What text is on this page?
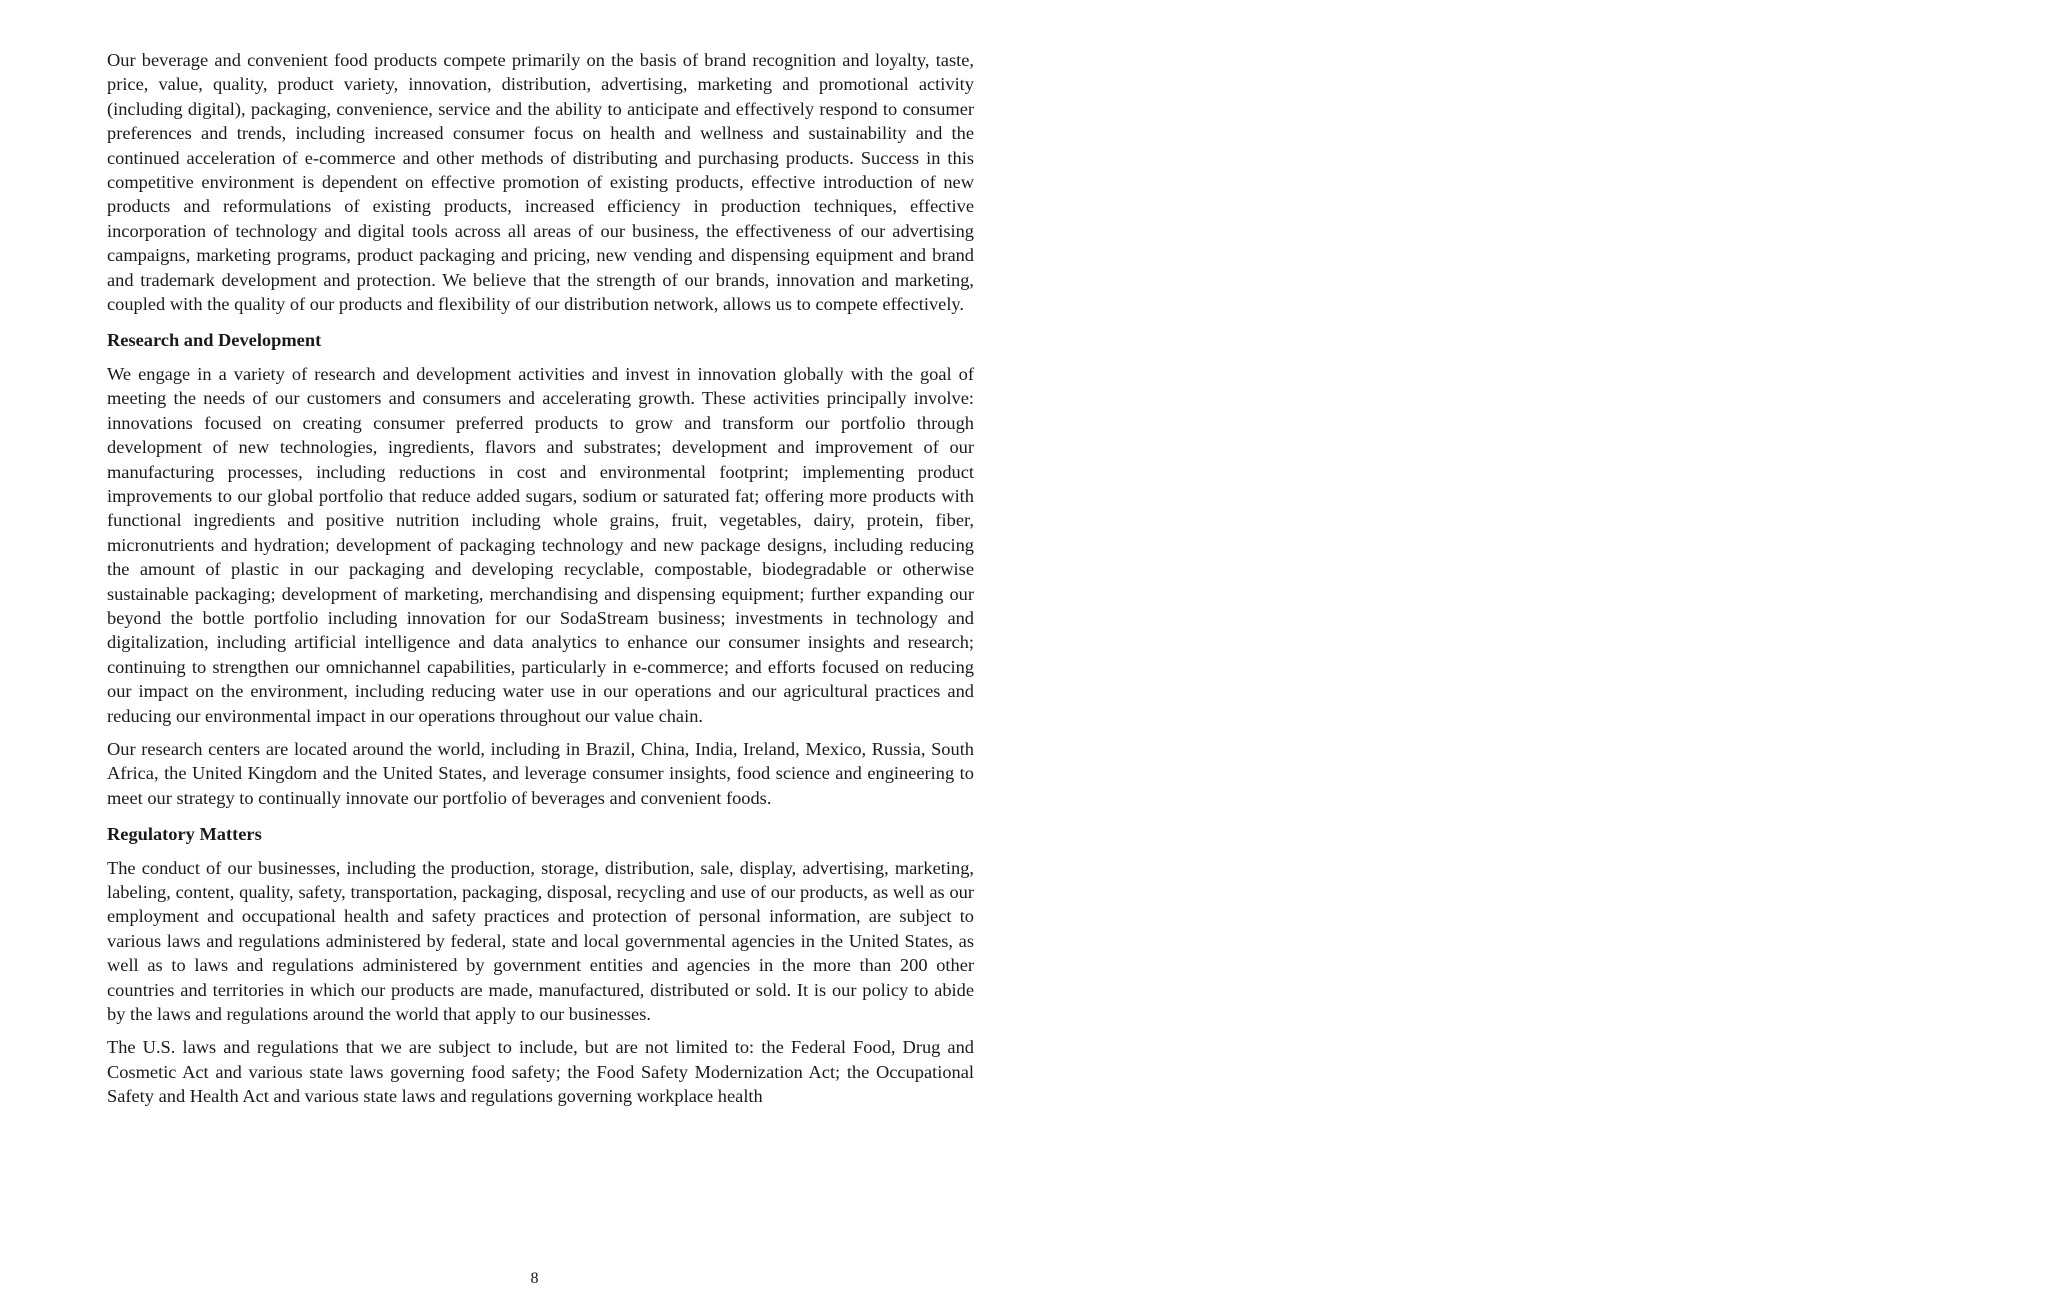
Our beverage and convenient food products compete primarily on the basis of brand recognition and loyalty, taste, price, value, quality, product variety, innovation, distribution, advertising, marketing and promotional activity (including digital), packaging, convenience, service and the ability to anticipate and effectively respond to consumer preferences and trends, including increased consumer focus on health and wellness and sustainability and the continued acceleration of e-commerce and other methods of distributing and purchasing products. Success in this competitive environment is dependent on effective promotion of existing products, effective introduction of new products and reformulations of existing products, increased efficiency in production techniques, effective incorporation of technology and digital tools across all areas of our business, the effectiveness of our advertising campaigns, marketing programs, product packaging and pricing, new vending and dispensing equipment and brand and trademark development and protection. We believe that the strength of our brands, innovation and marketing, coupled with the quality of our products and flexibility of our distribution network, allows us to compete effectively.

Research and Development

We engage in a variety of research and development activities and invest in innovation globally with the goal of meeting the needs of our customers and consumers and accelerating growth. These activities principally involve: innovations focused on creating consumer preferred products to grow and transform our portfolio through development of new technologies, ingredients, flavors and substrates; development and improvement of our manufacturing processes, including reductions in cost and environmental footprint; implementing product improvements to our global portfolio that reduce added sugars, sodium or saturated fat; offering more products with functional ingredients and positive nutrition including whole grains, fruit, vegetables, dairy, protein, fiber, micronutrients and hydration; development of packaging technology and new package designs, including reducing the amount of plastic in our packaging and developing recyclable, compostable, biodegradable or otherwise sustainable packaging; development of marketing, merchandising and dispensing equipment; further expanding our beyond the bottle portfolio including innovation for our SodaStream business; investments in technology and digitalization, including artificial intelligence and data analytics to enhance our consumer insights and research; continuing to strengthen our omnichannel capabilities, particularly in e-commerce; and efforts focused on reducing our impact on the environment, including reducing water use in our operations and our agricultural practices and reducing our environmental impact in our operations throughout our value chain.

Our research centers are located around the world, including in Brazil, China, India, Ireland, Mexico, Russia, South Africa, the United Kingdom and the United States, and leverage consumer insights, food science and engineering to meet our strategy to continually innovate our portfolio of beverages and convenient foods.

Regulatory Matters

The conduct of our businesses, including the production, storage, distribution, sale, display, advertising, marketing, labeling, content, quality, safety, transportation, packaging, disposal, recycling and use of our products, as well as our employment and occupational health and safety practices and protection of personal information, are subject to various laws and regulations administered by federal, state and local governmental agencies in the United States, as well as to laws and regulations administered by government entities and agencies in the more than 200 other countries and territories in which our products are made, manufactured, distributed or sold. It is our policy to abide by the laws and regulations around the world that apply to our businesses.

The U.S. laws and regulations that we are subject to include, but are not limited to: the Federal Food, Drug and Cosmetic Act and various state laws governing food safety; the Food Safety Modernization Act; the Occupational Safety and Health Act and various state laws and regulations governing workplace health

8
